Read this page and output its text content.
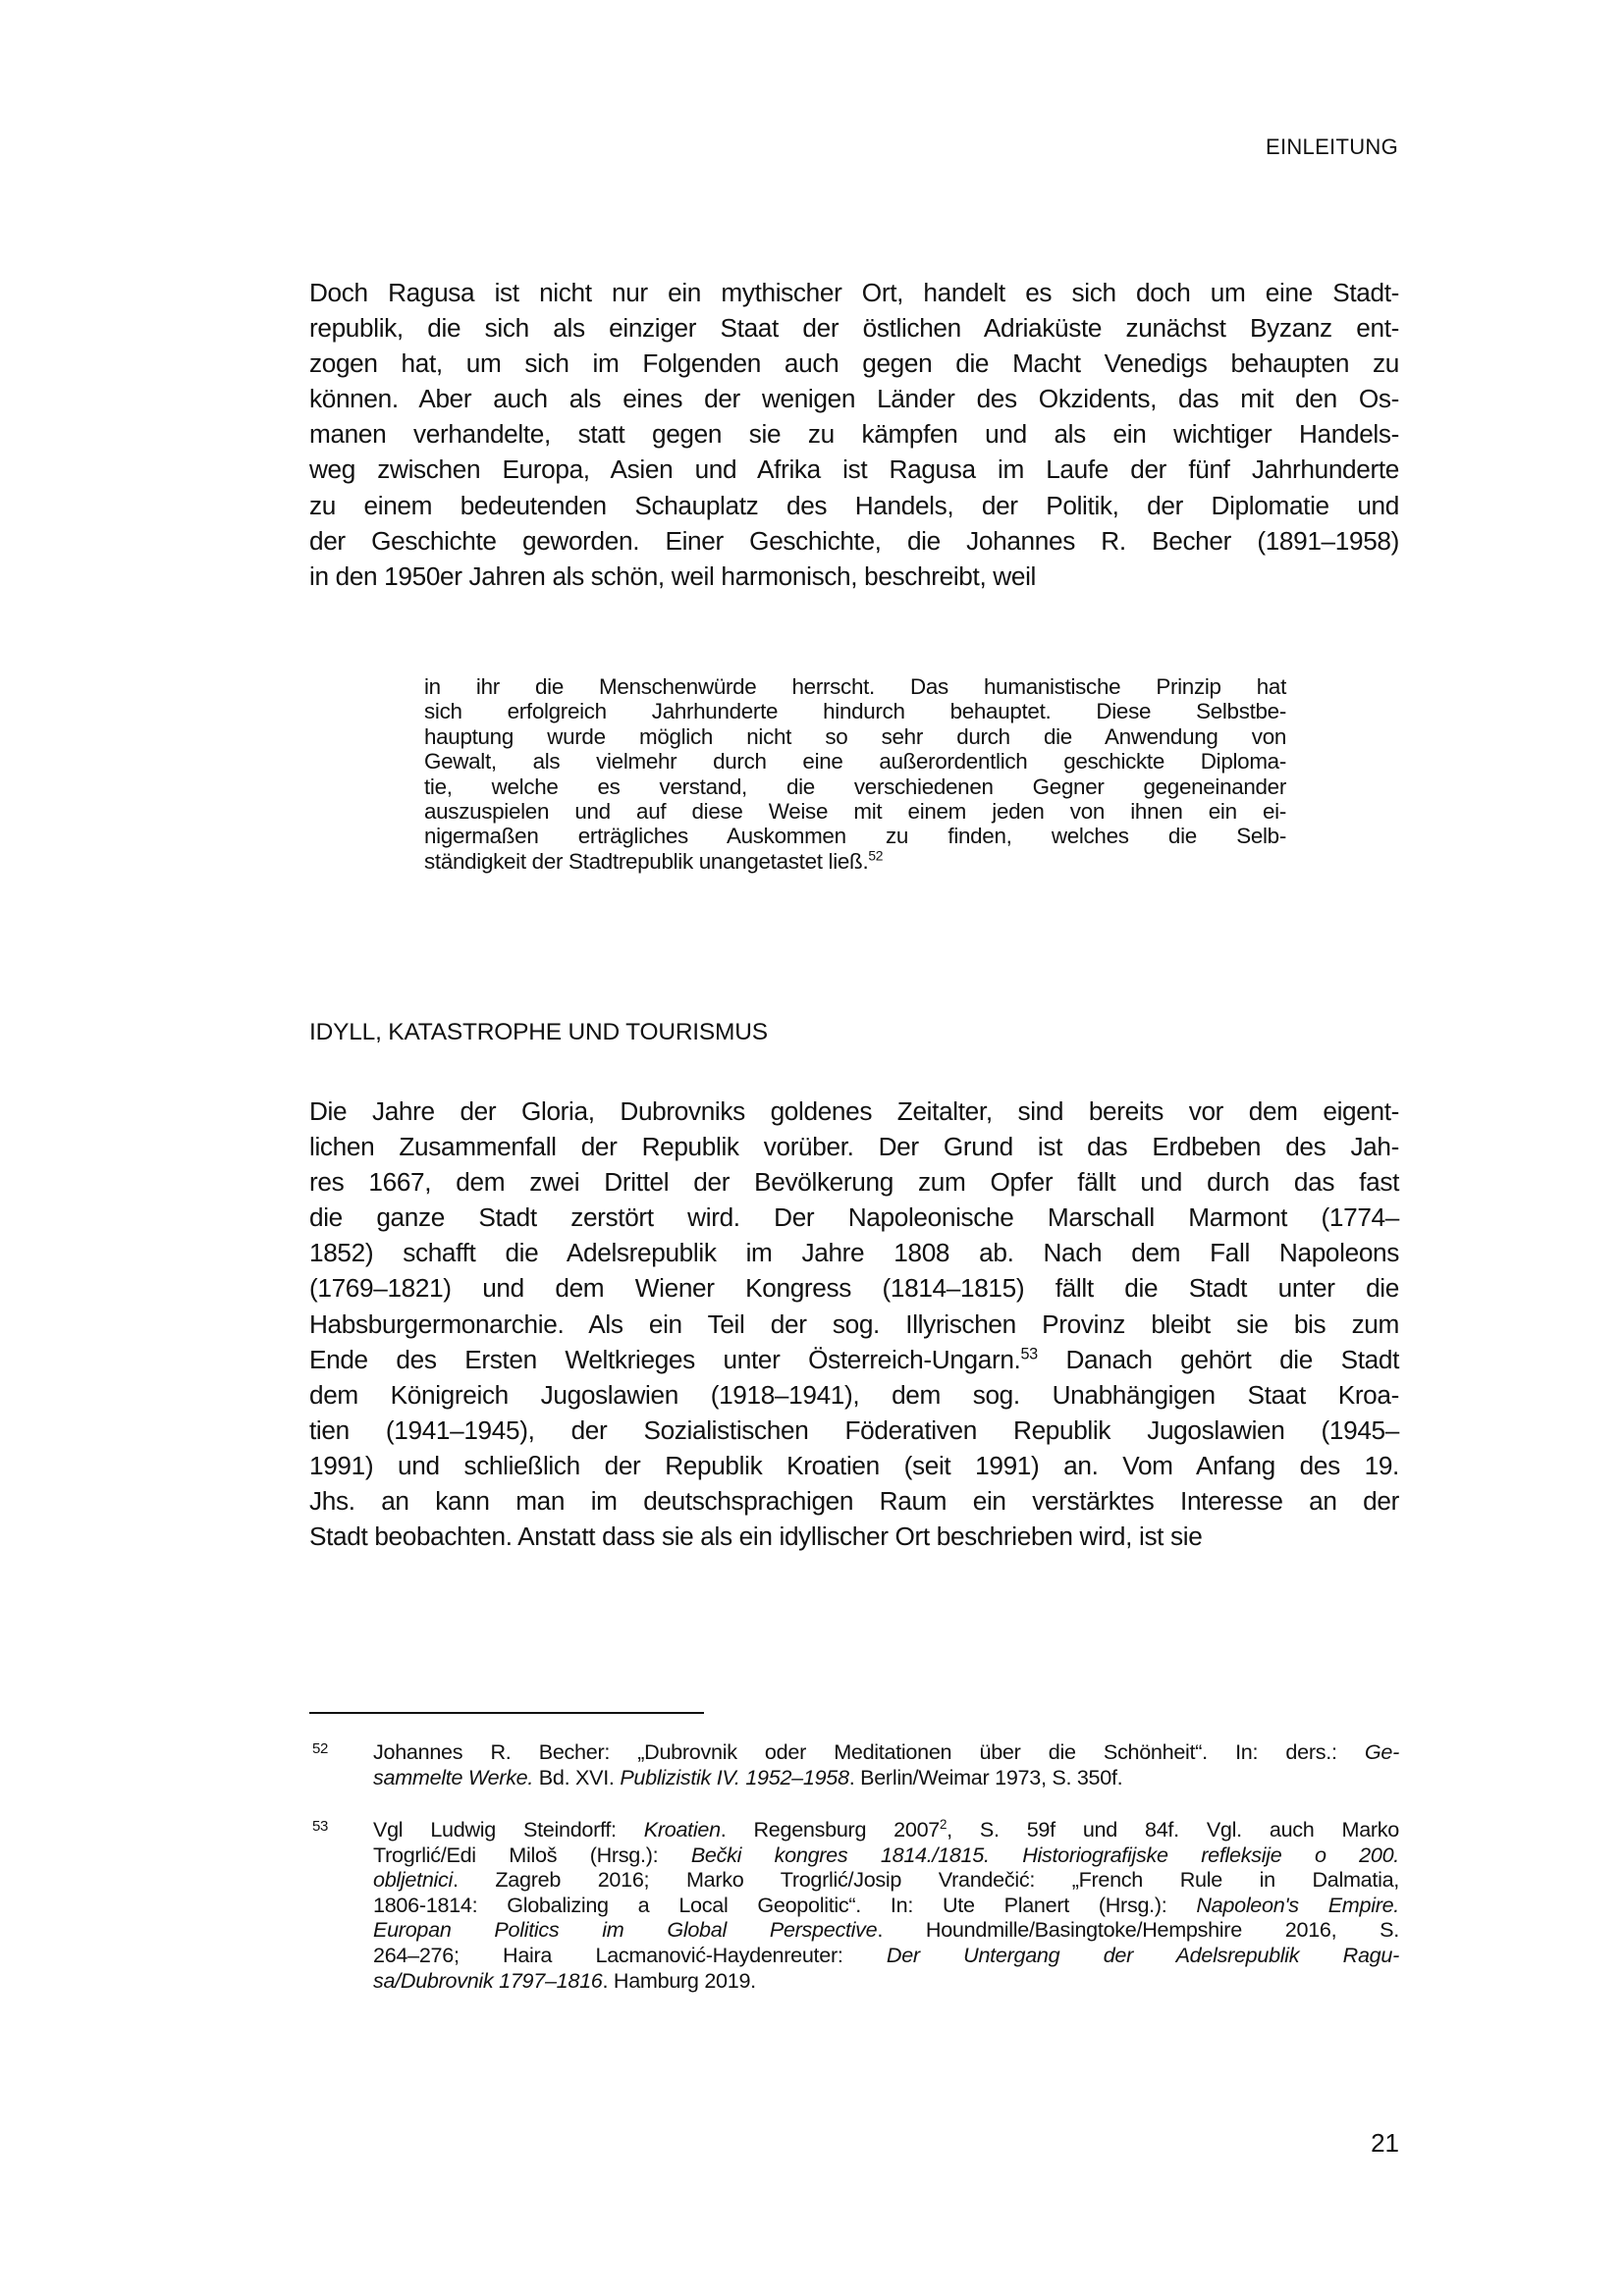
EINLEITUNG
Doch Ragusa ist nicht nur ein mythischer Ort, handelt es sich doch um eine Stadt-
republik, die sich als einziger Staat der östlichen Adriaküste zunächst Byzanz ent-
zogen hat, um sich im Folgenden auch gegen die Macht Venedigs behaupten zu
können. Aber auch als eines der wenigen Länder des Okzidents, das mit den Os-
manen verhandelte, statt gegen sie zu kämpfen und als ein wichtiger Handels-
weg zwischen Europa, Asien und Afrika ist Ragusa im Laufe der fünf Jahrhunderte
zu einem bedeutenden Schauplatz des Handels, der Politik, der Diplomatie und
der Geschichte geworden. Einer Geschichte, die Johannes R. Becher (1891–1958)
in den 1950er Jahren als schön, weil harmonisch, beschreibt, weil
in ihr die Menschenwürde herrscht. Das humanistische Prinzip hat
sich erfolgreich Jahrhunderte hindurch behauptet. Diese Selbstbe-
hauptung wurde möglich nicht so sehr durch die Anwendung von
Gewalt, als vielmehr durch eine außerordentlich geschickte Diploma-
tie, welche es verstand, die verschiedenen Gegner gegeneinander
auszuspielen und auf diese Weise mit einem jeden von ihnen ein ei-
nigermaßen erträgliches Auskommen zu finden, welches die Selb-
ständigkeit der Stadtrepublik unangetastet ließ.$^{52}$
IDYLL, KATASTROPHE UND TOURISMUS
Die Jahre der Gloria, Dubrovniks goldenes Zeitalter, sind bereits vor dem eigent-
lichen Zusammenfall der Republik vorüber. Der Grund ist das Erdbeben des Jah-
res 1667, dem zwei Drittel der Bevölkerung zum Opfer fällt und durch das fast
die ganze Stadt zerstört wird. Der Napoleonische Marschall Marmont (1774–
1852) schafft die Adelsrepublik im Jahre 1808 ab. Nach dem Fall Napoleons
(1769–1821) und dem Wiener Kongress (1814–1815) fällt die Stadt unter die
Habsburgermonarchie. Als ein Teil der sog. Illyrischen Provinz bleibt sie bis zum
Ende des Ersten Weltkrieges unter Österreich-Ungarn.$^{53}$ Danach gehört die Stadt
dem Königreich Jugoslawien (1918–1941), dem sog. Unabhängigen Staat Kroa-
tien (1941–1945), der Sozialistischen Föderativen Republik Jugoslawien (1945–
1991) und schließlich der Republik Kroatien (seit 1991) an. Vom Anfang des 19.
Jhs. an kann man im deutschsprachigen Raum ein verstärktes Interesse an der
Stadt beobachten. Anstatt dass sie als ein idyllischer Ort beschrieben wird, ist sie
52 Johannes R. Becher: „Dubrovnik oder Meditationen über die Schönheit“. In: ders.: Ge-
sammelte Werke. Bd. XVI. Publizistik IV. 1952–1958. Berlin/Weimar 1973, S. 350f.
53 Vgl Ludwig Steindorff: Kroatien. Regensburg 2007$^2$, S. 59f und 84f. Vgl. auch Marko
Trogrlić/Edi Miloš (Hrsg.): Bečki kongres 1814./1815. Historiografijske refleksije o 200.
obljetnici. Zagreb 2016; Marko Trogrlić/Josip Vrandečić: „French Rule in Dalmatia,
1806-1814: Globalizing a Local Geopolitic“. In: Ute Planert (Hrsg.): Napoleon's Empire.
Europan Politics im Global Perspective. Houndmille/Basingtoke/Hempshire 2016, S.
264–276; Haira Lacmanović-Haydenreuter: Der Untergang der Adelsrepublik Ragu-
sa/Dubrovnik 1797–1816. Hamburg 2019.
21
